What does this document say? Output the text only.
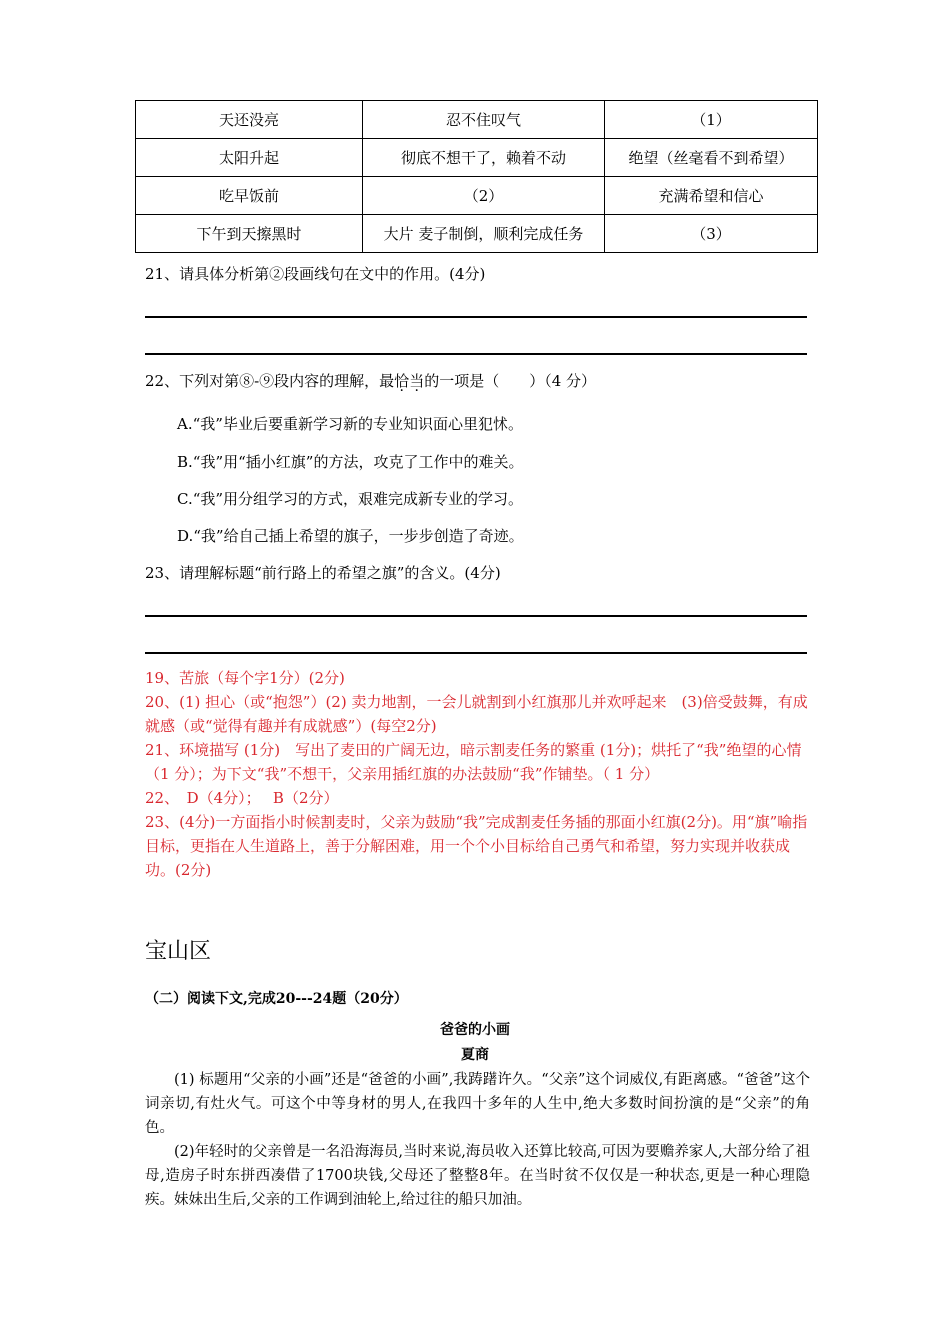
天还没亮	忍不住叹气	（1）
太阳升起	彻底不想干了，赖着不动	绝望（丝毫看不到希望）
吃早饭前	（2）	充满希望和信心
下午到天擦黑时	大片 麦子制倒，顺利完成任务	（3）
21、请具体分析第②段画线句在文中的作用。(4分)
22、下列对第⑧-⑨段内容的理解，最恰当的一项是（　　）（4 分）
A.“我”毕业后要重新学习新的专业知识面心里犯怵。
B.“我”用“插小红旗”的方法，攻克了工作中的难关。
C.“我”用分组学习的方式，艰难完成新专业的学习。
D.“我”给自己插上希望的旗子，一步步创造了奇迹。
23、请理解标题“前行路上的希望之旗”的含义。(4分)

19、苦旅（每个字1分）(2分)

20、(1) 担心（或“抱怨”）(2) 卖力地割，一会儿就割到小红旗那儿并欢呼起来　(3)倍受鼓舞，有成就感（或“觉得有趣并有成就感”）(每空2分)

21、环境描写 (1分)　写出了麦田的广阔无边，暗示割麦任务的繁重 (1分)；烘托了“我”绝望的心情（1 分）；为下文“我”不想干，父亲用插红旗的办法鼓励“我”作铺垫。（ 1 分）

22、　D（4分）；　 B（2分）

23、(4分)一方面指小时候割麦时，父亲为鼓励“我”完成割麦任务插的那面小红旗(2分)。用“旗”喻指目标，更指在人生道路上，善于分解困难，用一个个小目标给自己勇气和希望，努力实现并收获成功。(2分)

宝山区
（二）阅读下文,完成20---24题（20分）
爸爸的小画
夏商

(1) 标题用“父亲的小画”还是“爸爸的小画”,我踌躇许久。“父亲”这个词威仪,有距离感。“爸爸”这个词亲切,有灶火气。可这个中等身材的男人,在我四十多年的人生中,绝大多数时间扮演的是“父亲”的角色。

(2)年轻时的父亲曾是一名沿海海员,当时来说,海员收入还算比较高,可因为要赡养家人,大部分给了祖母,造房子时东拼西凑借了1700块钱,父母还了整整8年。在当时贫不仅仅是一种状态,更是一种心理隐疾。妹妹出生后,父亲的工作调到油轮上,给过往的船只加油。
